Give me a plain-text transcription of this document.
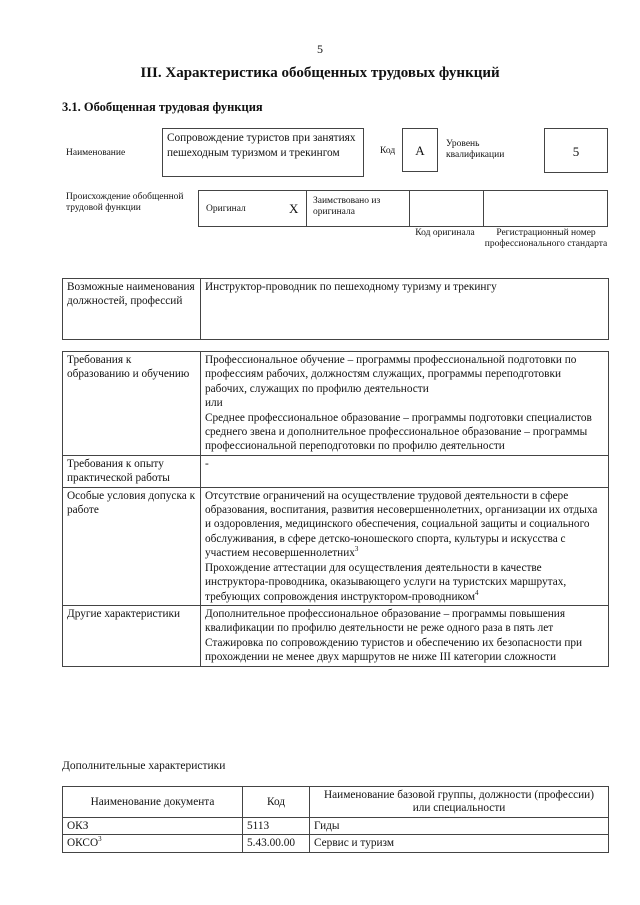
5
III. Характеристика обобщенных трудовых функций
3.1. Обобщенная трудовая функция
Наименование
Сопровождение туристов при занятиях пешеходным туризмом и трекингом	Код	А	Уровень квалификации	5
Происхождение обобщенной трудовой функции	Оригинал	X Заимствовано из оригинала
Код оригинала	Регистрационный номер профессионального стандарта
Возможные наименования должностей, профессий	Инструктор-проводник по пешеходному туризму и трекингу
Требования к образованию и обучению	Профессиональное обучение – программы профессиональной подготовки по профессиям рабочих, должностям служащих, программы переподготовки рабочих, служащих по профилю деятельности
или
Среднее профессиональное образование – программы подготовки специалистов среднего звена и дополнительное профессиональное образование – программы профессиональной переподготовки по профилю деятельности

Требования к опыту практической работы	-

Особые условия допуска к работе	Отсутствие ограничений на осуществление трудовой деятельности в сфере образования, воспитания, развития несовершеннолетних, организации их отдыха и оздоровления, медицинского обеспечения, социальной защиты и социального обслуживания, в сфере детско-юношеского спорта, культуры и искусства с участием несовершеннолетних$^3$
Прохождение аттестации для осуществления деятельности в качестве инструктора-проводника, оказывающего услуги на туристских маршрутах, требующих сопровождения инструктором-проводником$^4$

Другие характеристики	Дополнительное профессиональное образование – программы повышения квалификации по профилю деятельности не реже одного раза в пять лет
Стажировка по сопровождению туристов и обеспечению их безопасности при прохождении не менее двух маршрутов не ниже III категории сложности
Дополнительные характеристики
Наименование документа	Код	Наименование базовой группы, должности (профессии) или специальности
ОКЗ	5113	Гиды
ОКСО$^3$	5.43.00.00	Сервис и туризм
